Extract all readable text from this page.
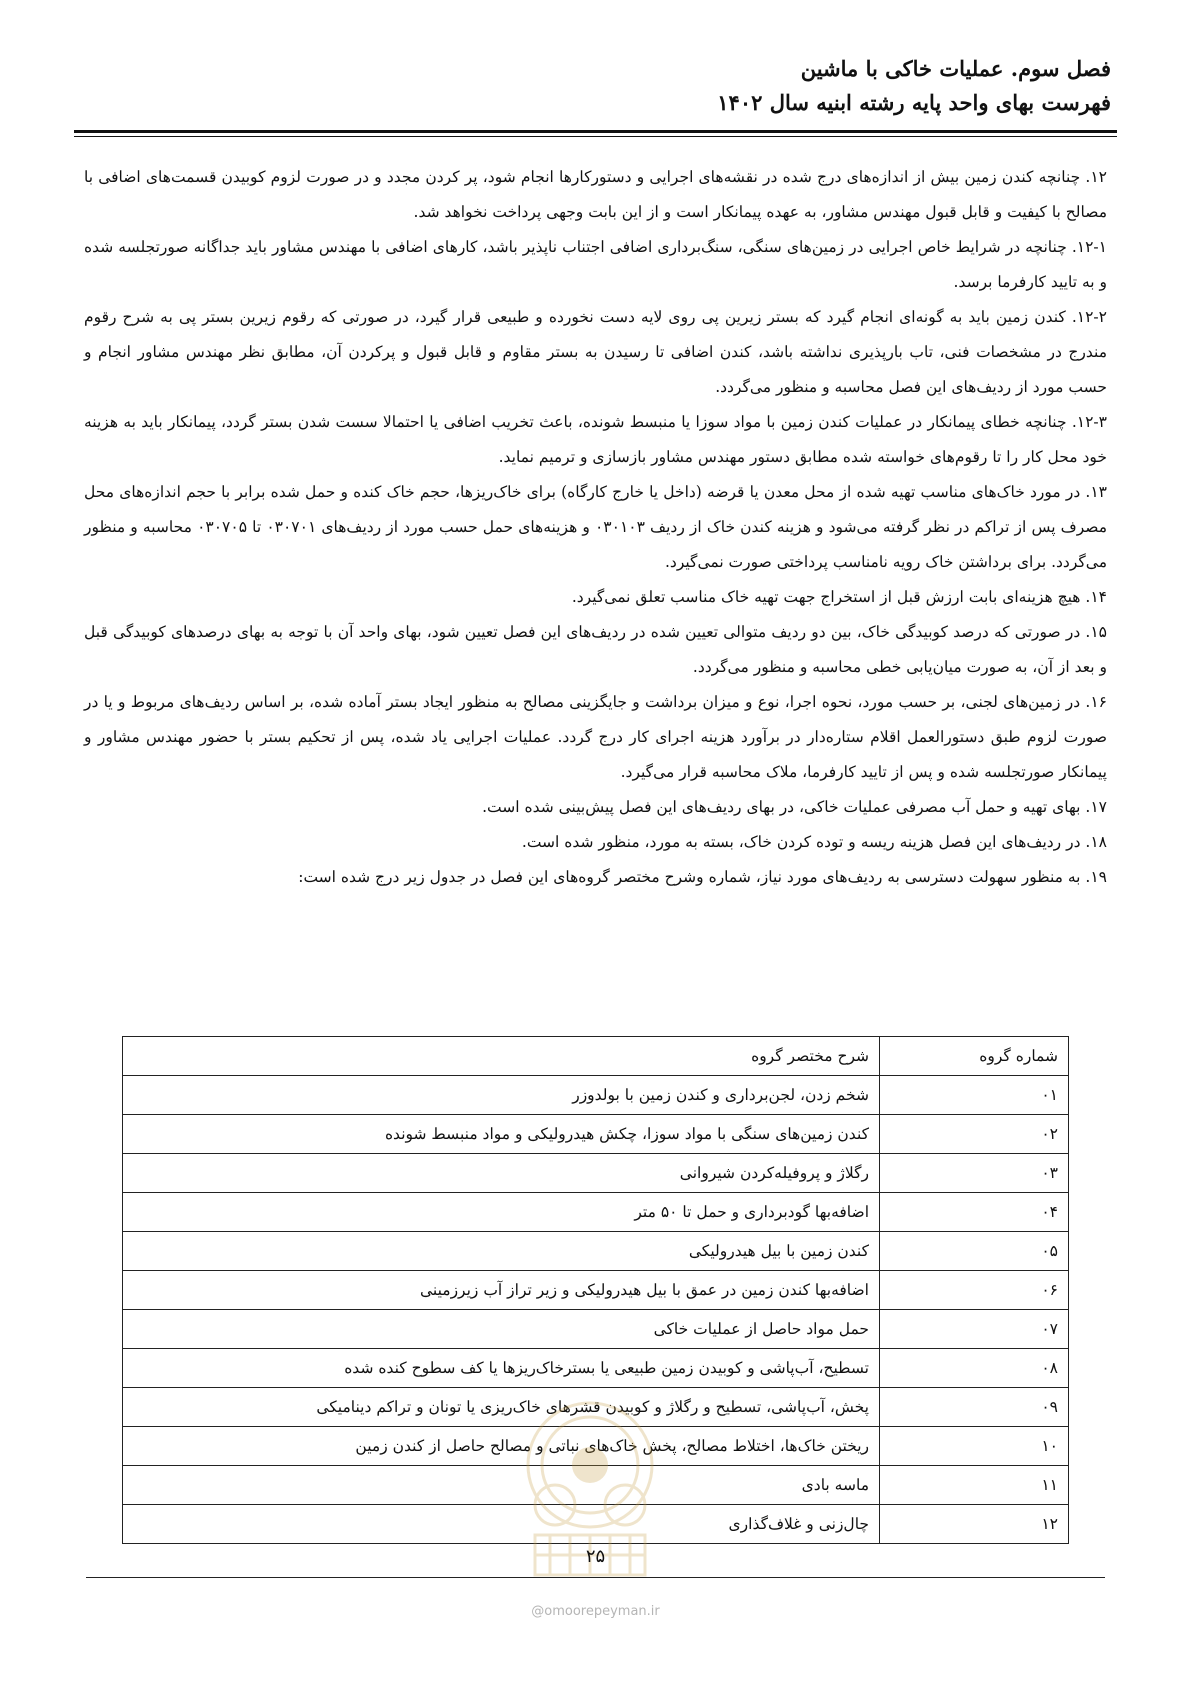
فصل سوم. عملیات خاکی با ماشین
فهرست بهای واحد پایه رشته ابنیه سال ۱۴۰۲

۱۲. چنانچه کندن زمین بیش از اندازه‌های درج شده در نقشه‌های اجرایی و دستورکارها انجام شود، پر کردن مجدد و در صورت لزوم کوبیدن قسمت‌های اضافی با مصالح با کیفیت و قابل قبول مهندس مشاور، به عهده پیمانکار است و از این بابت وجهی پرداخت نخواهد شد.

۱۲-۱. چنانچه در شرایط خاص اجرایی در زمین‌های سنگی، سنگ‌برداری اضافی اجتناب ناپذیر باشد، کارهای اضافی با مهندس مشاور باید جداگانه صورتجلسه شده و به تایید کارفرما برسد.

۱۲-۲. کندن زمین باید به گونه‌ای انجام گیرد که بستر زیرین پی روی لایه دست نخورده و طبیعی قرار گیرد، در صورتی که رقوم زیرین بستر پی به شرح رقوم مندرج در مشخصات فنی، تاب بارپذیری نداشته باشد، کندن اضافی تا رسیدن به بستر مقاوم و قابل قبول و پرکردن آن، مطابق نظر مهندس مشاور انجام و حسب مورد از ردیف‌های این فصل محاسبه و منظور می‌گردد.

۱۲-۳. چنانچه خطای پیمانکار در عملیات کندن زمین با مواد سوزا یا منبسط شونده، باعث تخریب اضافی یا احتمالا سست شدن بستر گردد، پیمانکار باید به هزینه خود محل کار را تا رقوم‌های خواسته شده مطابق دستور مهندس مشاور بازسازی و ترمیم نماید.

۱۳. در مورد خاک‌های مناسب تهیه شده از محل معدن یا قرضه (داخل یا خارج کارگاه) برای خاک‌ریزها، حجم خاک کنده و حمل شده برابر با حجم اندازه‌های محل مصرف پس از تراکم در نظر گرفته می‌شود و هزینه کندن خاک از ردیف ۰۳۰۱۰۳ و هزینه‌های حمل حسب مورد از ردیف‌های ۰۳۰۷۰۱ تا ۰۳۰۷۰۵ محاسبه و منظور می‌گردد. برای برداشتن خاک رویه نامناسب پرداختی صورت نمی‌گیرد.

۱۴. هیچ هزینه‌ای بابت ارزش قبل از استخراج جهت تهیه خاک مناسب تعلق نمی‌گیرد.

۱۵. در صورتی که درصد کوبیدگی خاک، بین دو ردیف متوالی تعیین شده در ردیف‌های این فصل تعیین شود، بهای واحد آن با توجه به بهای درصدهای کوبیدگی قبل و بعد از آن، به صورت میان‌یابی خطی محاسبه و منظور می‌گردد.

۱۶. در زمین‌های لجنی، بر حسب مورد، نحوه اجرا، نوع و میزان برداشت و جایگزینی مصالح به منظور ایجاد بستر آماده شده، بر اساس ردیف‌های مربوط و یا در صورت لزوم طبق دستورالعمل اقلام ستاره‌دار در برآورد هزینه اجرای کار درج گردد. عملیات اجرایی یاد شده، پس از تحکیم بستر با حضور مهندس مشاور و پیمانکار صورتجلسه شده و پس از تایید کارفرما، ملاک محاسبه قرار می‌گیرد.

۱۷. بهای تهیه و حمل آب مصرفی عملیات خاکی، در بهای ردیف‌های این فصل پیش‌بینی شده است.

۱۸. در ردیف‌های این فصل هزینه ریسه و توده کردن خاک، بسته به مورد، منظور شده است.

۱۹. به منظور سهولت دسترسی به ردیف‌های مورد نیاز، شماره وشرح مختصر گروه‌های این فصل در جدول زیر درج شده است:

شماره گروه	شرح مختصر گروه
۰۱	شخم زدن، لجن‌برداری و کندن زمین با بولدوزر
۰۲	کندن زمین‌های سنگی با مواد سوزا، چکش هیدرولیکی و مواد منبسط شونده
۰۳	رگلاژ و پروفیله‌کردن شیروانی
۰۴	اضافه‌بها گودبرداری و حمل تا ۵۰ متر
۰۵	کندن زمین با بیل هیدرولیکی
۰۶	اضافه‌بها کندن زمین در عمق با بیل هیدرولیکی و زیر تراز آب زیرزمینی
۰۷	حمل مواد حاصل از عملیات خاکی
۰۸	تسطیح، آب‌پاشی و کوبیدن زمین طبیعی یا بسترخاک‌ریزها یا کف سطوح کنده شده
۰۹	پخش، آب‌پاشی، تسطیح و رگلاژ و کوبیدن قشرهای خاک‌ریزی یا تونان و تراکم دینامیکی
۱۰	ریختن خاک‌ها، اختلاط مصالح، پخش خاک‌های نباتی و مصالح حاصل از کندن زمین
۱۱	ماسه بادی
۱۲	چال‌زنی و غلاف‌گذاری
۲۵
@omoorepeyman.ir
